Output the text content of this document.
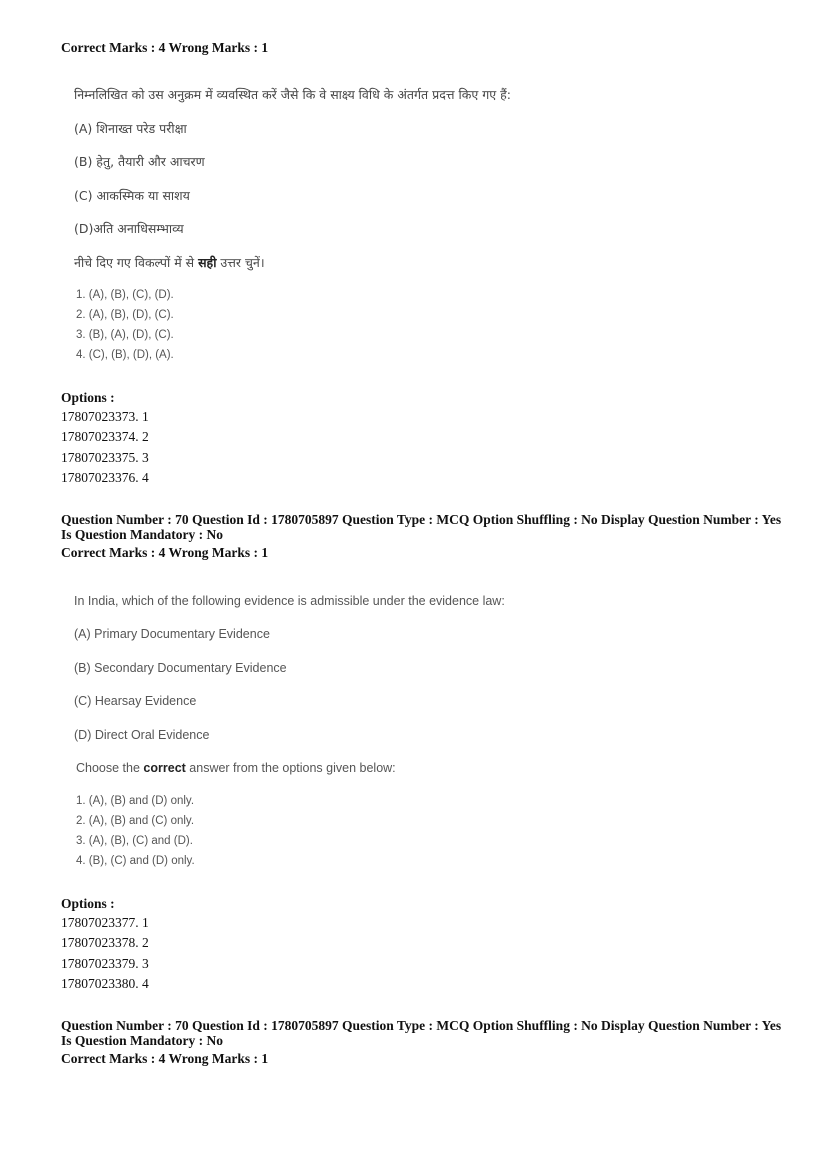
Correct Marks : 4 Wrong Marks : 1
निम्नलिखित को उस अनुक्रम में व्यवस्थित करें जैसे कि वे साक्ष्य विधि के अंतर्गत प्रदत्त किए गए हैं:
(A) शिनाख्त परेड परीक्षा
(B) हेतु, तैयारी और आचरण
(C) आकस्मिक या साशय
(D)अति अनाधिसम्भाव्य
नीचे दिए गए विकल्पों में से सही उत्तर चुनें।
1. (A), (B), (C), (D).
2. (A), (B), (D), (C).
3. (B), (A), (D), (C).
4. (C), (B), (D), (A).
Options :
17807023373. 1
17807023374. 2
17807023375. 3
17807023376. 4
Question Number : 70 Question Id : 1780705897 Question Type : MCQ Option Shuffling : No Display Question Number : Yes
Is Question Mandatory : No
Correct Marks : 4 Wrong Marks : 1
In India, which of the following evidence is admissible under the evidence law:
(A) Primary Documentary Evidence
(B) Secondary Documentary Evidence
(C) Hearsay Evidence
(D) Direct Oral Evidence
Choose the correct answer from the options given below:
1. (A), (B) and (D) only.
2. (A), (B) and (C) only.
3. (A), (B), (C) and (D).
4. (B), (C) and (D) only.
Options :
17807023377. 1
17807023378. 2
17807023379. 3
17807023380. 4
Question Number : 70 Question Id : 1780705897 Question Type : MCQ Option Shuffling : No Display Question Number : Yes
Is Question Mandatory : No
Correct Marks : 4 Wrong Marks : 1
